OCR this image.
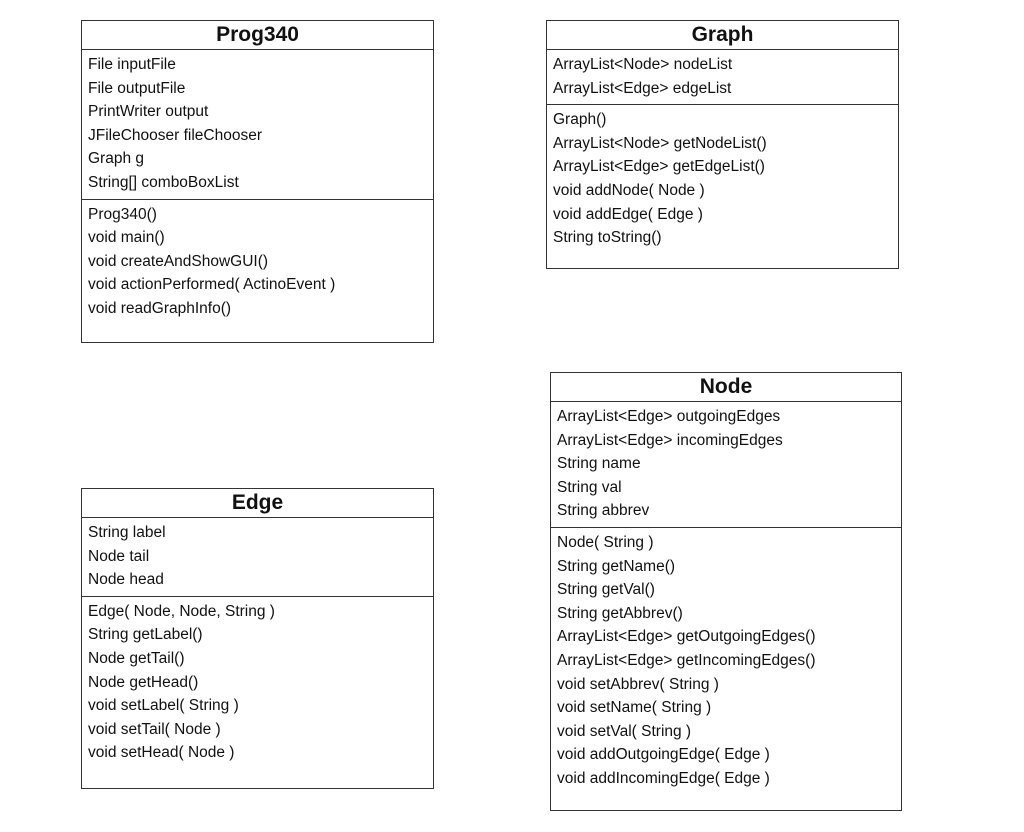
Prog340
File inputFile
File outputFile
PrintWriter output
JFileChooser fileChooser
Graph g
String[] comboBoxList
Prog340()
void main()
void createAndShowGUI()
void actionPerformed( ActinoEvent )
void readGraphInfo()
Graph
ArrayList<Node> nodeList
ArrayList<Edge> edgeList
Graph()
ArrayList<Node> getNodeList()
ArrayList<Edge> getEdgeList()
void addNode( Node )
void addEdge( Edge )
String toString()
Node
ArrayList<Edge> outgoingEdges
ArrayList<Edge> incomingEdges
String name
String val
String abbrev
Node( String )
String getName()
String getVal()
String getAbbrev()
ArrayList<Edge> getOutgoingEdges()
ArrayList<Edge> getIncomingEdges()
void setAbbrev( String )
void setName( String )
void setVal( String )
void addOutgoingEdge( Edge )
void addIncomingEdge( Edge )
Edge
String label
Node tail
Node head
Edge( Node, Node, String )
String getLabel()
Node getTail()
Node getHead()
void setLabel( String )
void setTail( Node )
void setHead( Node )
